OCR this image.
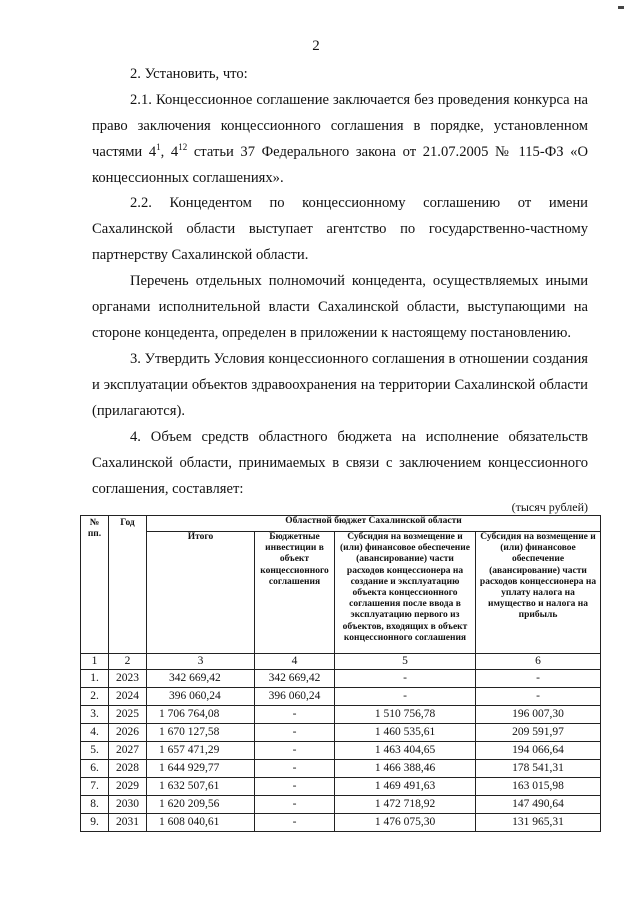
2

2. Установить, что:

2.1. Концессионное соглашение заключается без проведения конкурса на право заключения концессионного соглашения в порядке, установленном частями $4^1$, $4^{12}$ статьи 37 Федерального закона от 21.07.2005 № 115-ФЗ «О концессионных соглашениях».

2.2. Концедентом по концессионному соглашению от имени Сахалинской области выступает агентство по государственно-частному партнерству Сахалинской области.

Перечень отдельных полномочий концедента, осуществляемых иными органами исполнительной власти Сахалинской области, выступающими на стороне концедента, определен в приложении к настоящему постановлению.

3. Утвердить Условия концессионного соглашения в отношении создания и эксплуатации объектов здравоохранения на территории Сахалинской области (прилагаются).

4. Объем средств областного бюджета на исполнение обязательств Сахалинской области, принимаемых в связи с заключением концессионного соглашения, составляет:

(тысяч рублей)
№ пп.	Год	Областной бюджет Сахалинской области			
		Итого	Бюджетные инвестиции в объект концессионного соглашения	Субсидия на возмещение и (или) финансовое обеспечение (авансирование) части расходов концессионера на создание и эксплуатацию объекта концессионного соглашения после ввода в эксплуатацию первого из объектов, входящих в объект концессионного соглашения	Субсидия на возмещение и (или) финансовое обеспечение (авансирование) части расходов концессионера на уплату налога на имущество и налога на прибыль
1	2	3	4	5	6
1.	2023	342 669,42	342 669,42	-	-
2.	2024	396 060,24	396 060,24	-	-
3.	2025	1 706 764,08	-	1 510 756,78	196 007,30
4.	2026	1 670 127,58	-	1 460 535,61	209 591,97
5.	2027	1 657 471,29	-	1 463 404,65	194 066,64
6.	2028	1 644 929,77	-	1 466 388,46	178 541,31
7.	2029	1 632 507,61	-	1 469 491,63	163 015,98
8.	2030	1 620 209,56	-	1 472 718,92	147 490,64
9.	2031	1 608 040,61	-	1 476 075,30	131 965,31
